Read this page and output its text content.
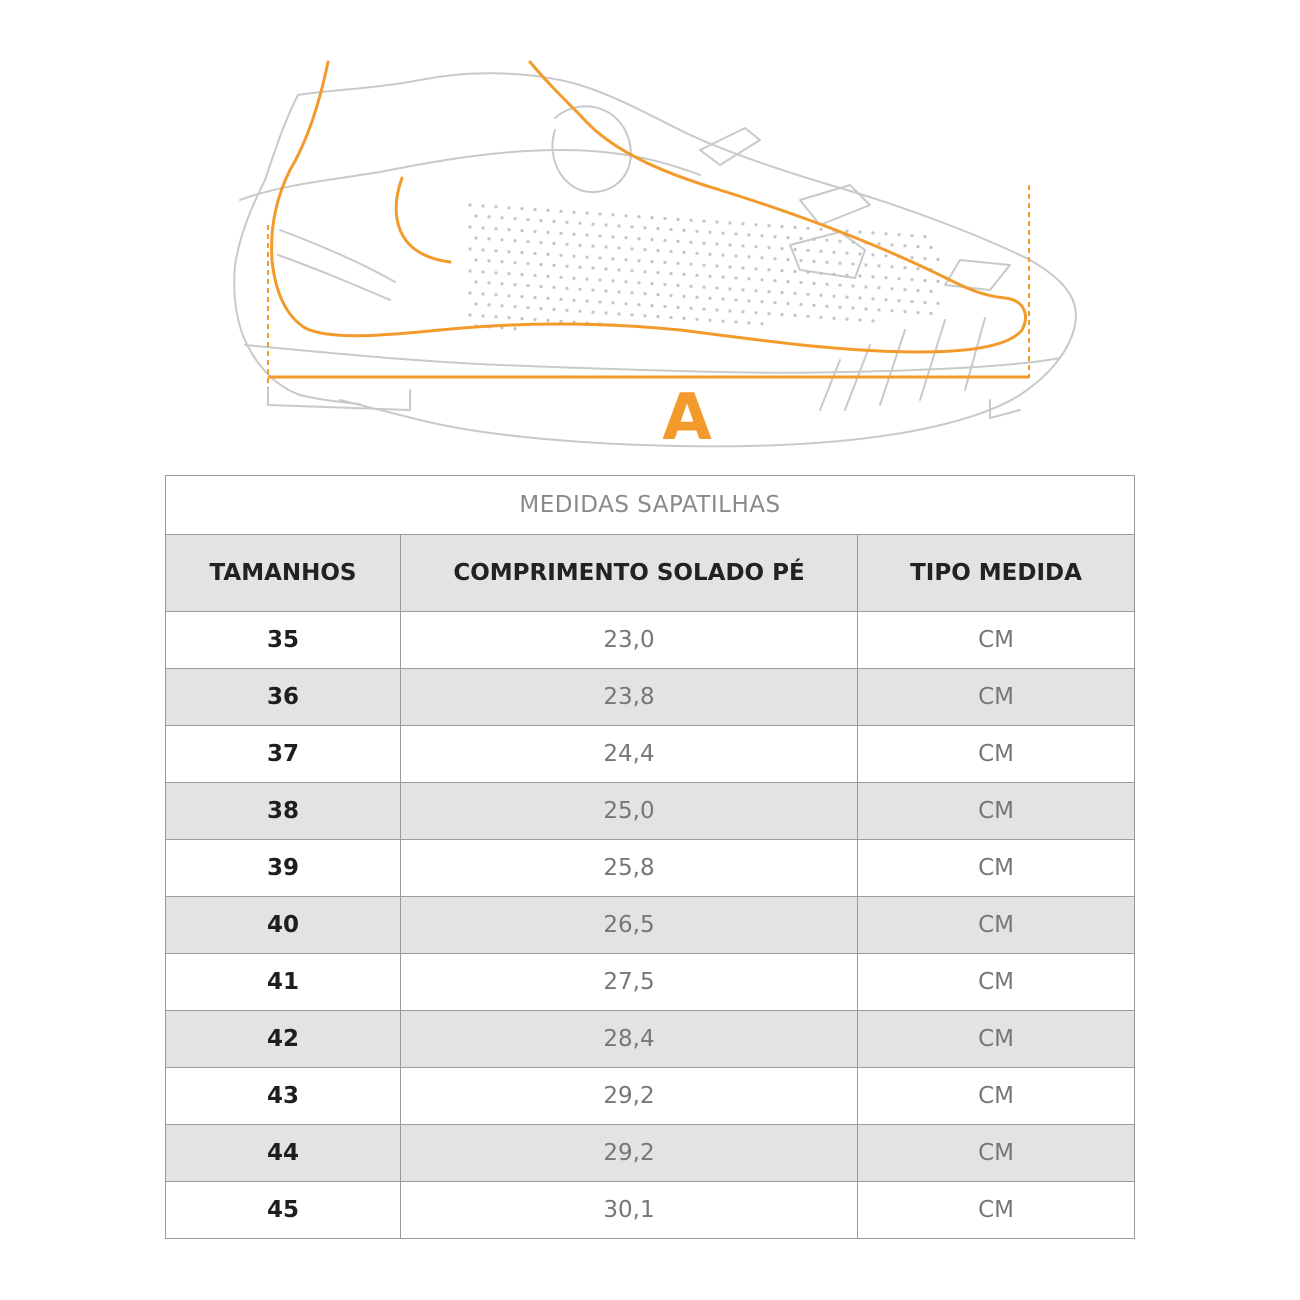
A
MEDIDAS SAPATILHAS		
TAMANHOS	COMPRIMENTO SOLADO PÉ	TIPO MEDIDA
35	23,0	CM
36	23,8	CM
37	24,4	CM
38	25,0	CM
39	25,8	CM
40	26,5	CM
41	27,5	CM
42	28,4	CM
43	29,2	CM
44	29,2	CM
45	30,1	CM
